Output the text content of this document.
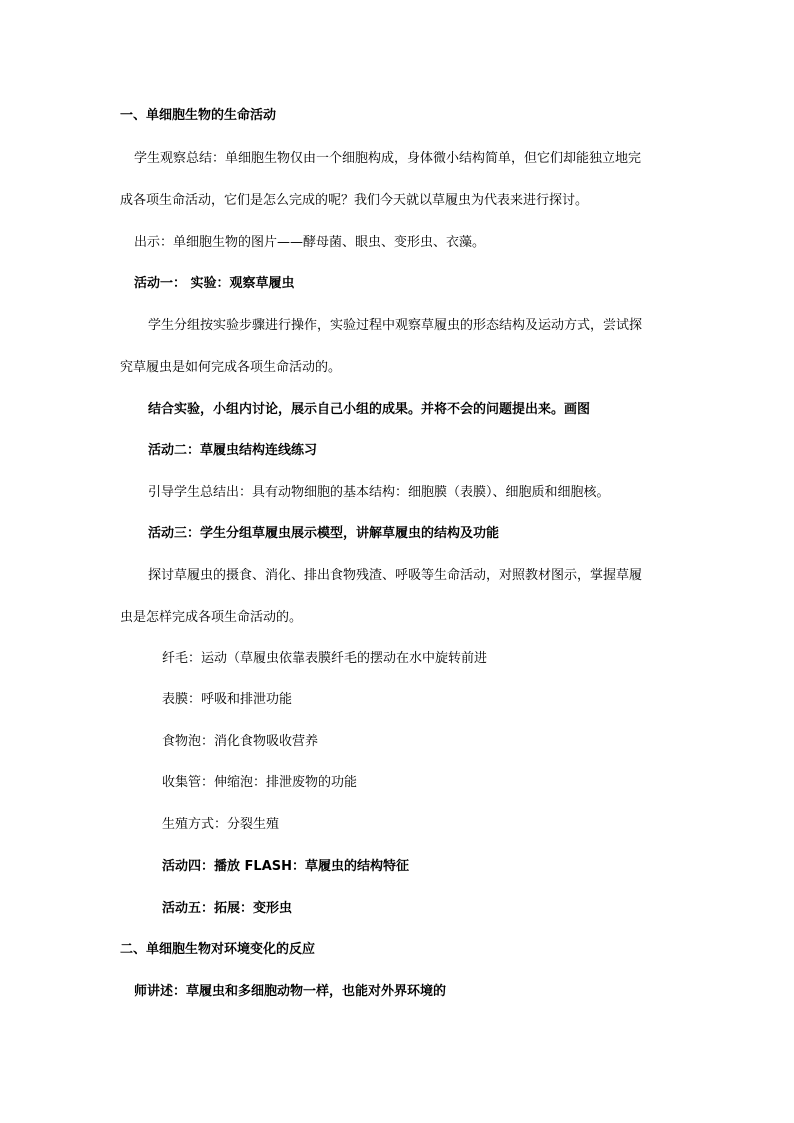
一、单细胞生物的生命活动
学生观察总结：单细胞生物仅由一个细胞构成，身体微小结构简单，但它们却能独立地完
成各项生命活动，它们是怎么完成的呢？我们今天就以草履虫为代表来进行探讨。
出示：单细胞生物的图片——酵母菌、眼虫、变形虫、衣藻。
活动一： 实验：观察草履虫
学生分组按实验步骤进行操作，实验过程中观察草履虫的形态结构及运动方式，尝试探
究草履虫是如何完成各项生命活动的。
结合实验，小组内讨论，展示自己小组的成果。并将不会的问题提出来。画图
活动二：草履虫结构连线练习
引导学生总结出：具有动物细胞的基本结构：细胞膜（表膜）、细胞质和细胞核。
活动三：学生分组草履虫展示模型，讲解草履虫的结构及功能
探讨草履虫的摄食、消化、排出食物残渣、呼吸等生命活动，对照教材图示，掌握草履
虫是怎样完成各项生命活动的。
纤毛：运动（草履虫依靠表膜纤毛的摆动在水中旋转前进
表膜：呼吸和排泄功能
食物泡：消化食物吸收营养
收集管：伸缩泡：排泄废物的功能
生殖方式：分裂生殖
活动四：播放 FLASH：草履虫的结构特征
活动五：拓展：变形虫
二、单细胞生物对环境变化的反应
师讲述：草履虫和多细胞动物一样，也能对外界环境的
